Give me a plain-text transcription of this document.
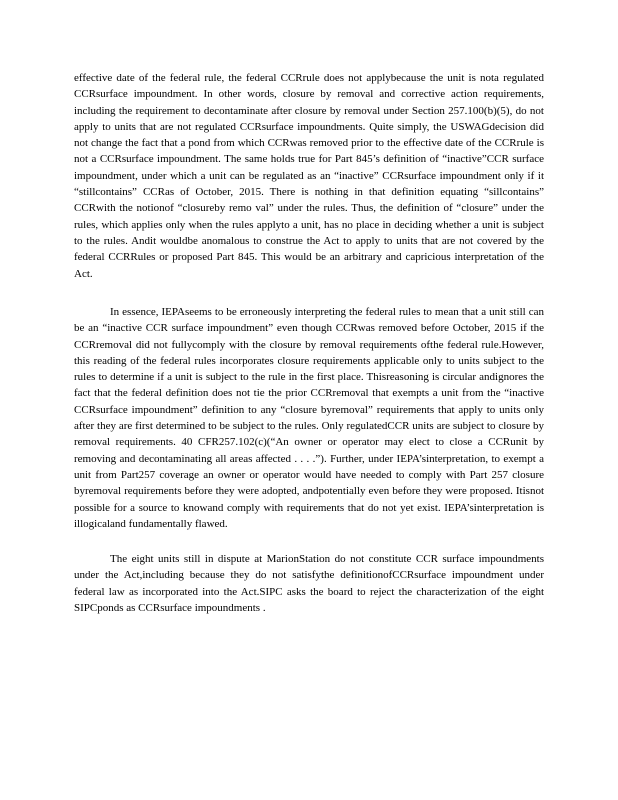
effective date of the federal rule, the federal CCRrule does not applybecause the unit is nota regulated CCRsurface impoundment. In other words, closure by removal and corrective action requirements, including the requirement to decontaminate after closure by removal under Section 257.100(b)(5), do not apply to units that are not regulated CCRsurface impoundments. Quite simply, the USWAGdecision did not change the fact that a pond from which CCRwas removed prior to the effective date of the CCRrule is not a CCRsurface impoundment. The same holds true for Part 845’s definition of “inactive”CCR surface impoundment, under which a unit can be regulated as an “inactive” CCRsurface impoundment only if it “stillcontains” CCRas of October, 2015. There is nothing in that definition equating “sillcontains” CCRwith the notionof “closureby remo val” under the rules. Thus, the definition of “closure” under the rules, which applies only when the rules applyto a unit, has no place in deciding whether a unit is subject to the rules. Andit wouldbe anomalous to construe the Act to apply to units that are not covered by the federal CCRRules or proposed Part 845. This would be an arbitrary and capricious interpretation of the Act.

In essence, IEPAseems to be erroneously interpreting the federal rules to mean that a unit still can be an “inactive CCR surface impoundment” even though CCRwas removed before October, 2015 if the CCRremoval did not fullycomply with the closure by removal requirements ofthe federal rule.However, this reading of the federal rules incorporates closure requirements applicable only to units subject to the rules to determine if a unit is subject to the rule in the first place. Thisreasoning is circular andignores the fact that the federal definition does not tie the prior CCRremoval that exempts a unit from the “inactive CCRsurface impoundment” definition to any “closure byremoval” requirements that apply to units only after they are first determined to be subject to the rules. Only regulatedCCR units are subject to closure by removal requirements. 40 CFR257.102(c)(“An owner or operator may elect to close a CCRunit by removing and decontaminating all areas affected . . . .”). Further, under IEPA’sinterpretation, to exempt a unit from Part257 coverage an owner or operator would have needed to comply with Part 257 closure byremoval requirements before they were adopted, andpotentially even before they were proposed. Itisnot possible for a source to knowand comply with requirements that do not yet exist. IEPA’sinterpretation is illogicaland fundamentally flawed.

The eight units still in dispute at MarionStation do not constitute CCR surface impoundments under the Act,including because they do not satisfythe definitionofCCRsurface impoundment under federal law as incorporated into the Act.SIPC asks the board to reject the characterization of the eight SIPCponds as CCRsurface impoundments .
